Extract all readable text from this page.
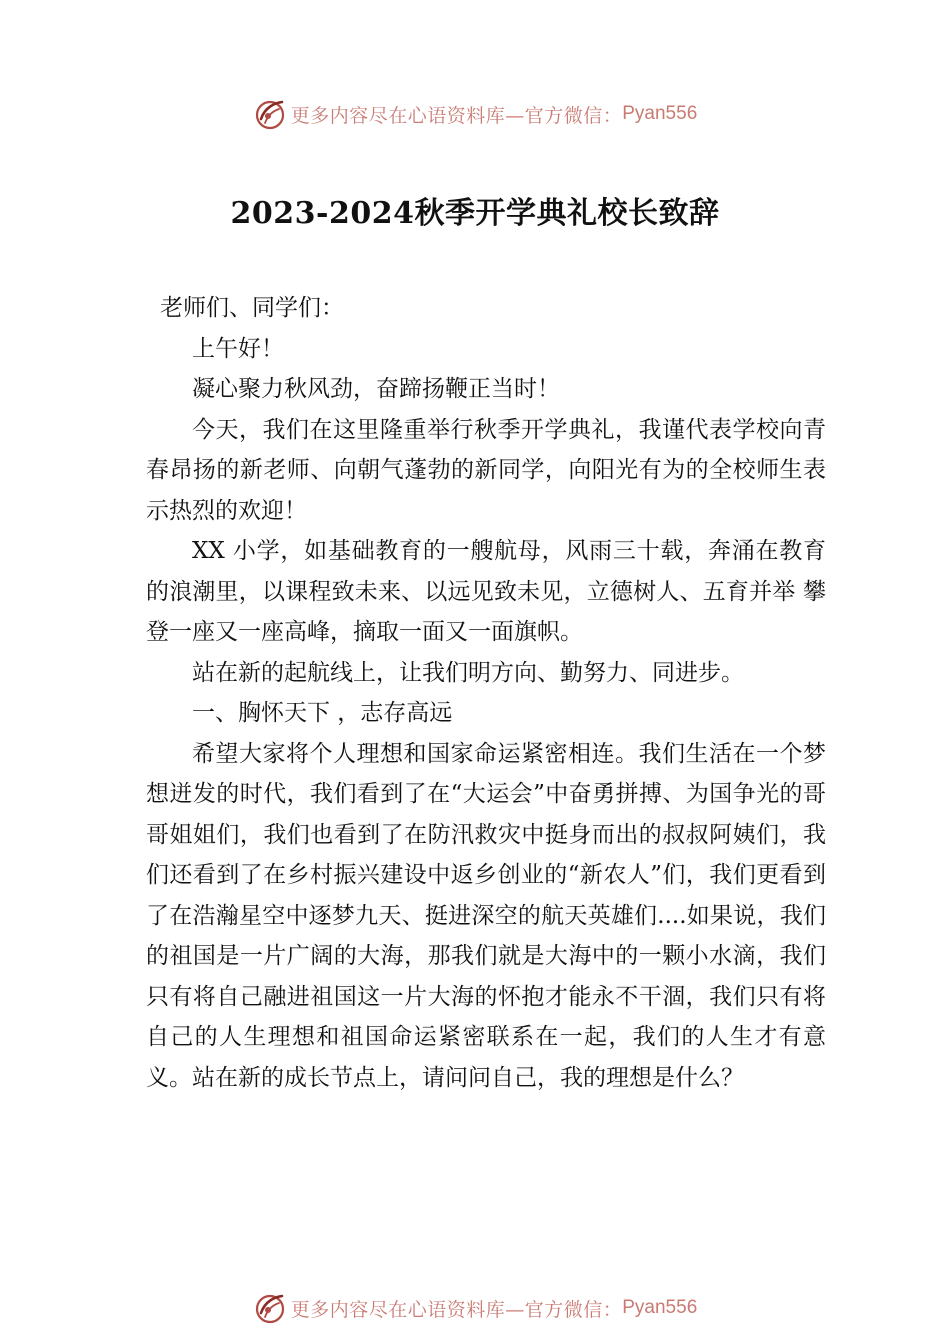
更多内容尽在心语资料库—官方微信： Pyan556
2023-2024秋季开学典礼校长致辞

老师们、同学们：

上午好！

凝心聚力秋风劲，奋蹄扬鞭正当时！

今天，我们在这里隆重举行秋季开学典礼，我谨代表学校向青春昂扬的新老师、向朝气蓬勃的新同学，向阳光有为的全校师生表示热烈的欢迎！

XX 小学，如基础教育的一艘航母，风雨三十载，奔涌在教育的浪潮里，以课程致未来、以远见致未见，立德树人、五育并举 攀登一座又一座高峰，摘取一面又一面旗帜。

站在新的起航线上，让我们明方向、勤努力、同进步。

一、胸怀天下 ，志存高远

希望大家将个人理想和国家命运紧密相连。我们生活在一个梦想迸发的时代，我们看到了在“大运会”中奋勇拼搏、为国争光的哥哥姐姐们，我们也看到了在防汛救灾中挺身而出的叔叔阿姨们，我们还看到了在乡村振兴建设中返乡创业的“新农人”们，我们更看到了在浩瀚星空中逐梦九天、挺进深空的航天英雄们....如果说，我们的祖国是一片广阔的大海，那我们就是大海中的一颗小水滴，我们只有将自己融进祖国这一片大海的怀抱才能永不干涸，我们只有将自己的人生理想和祖国命运紧密联系在一起，我们的人生才有意义。站在新的成长节点上，请问问自己，我的理想是什么？

更多内容尽在心语资料库—官方微信： Pyan556
